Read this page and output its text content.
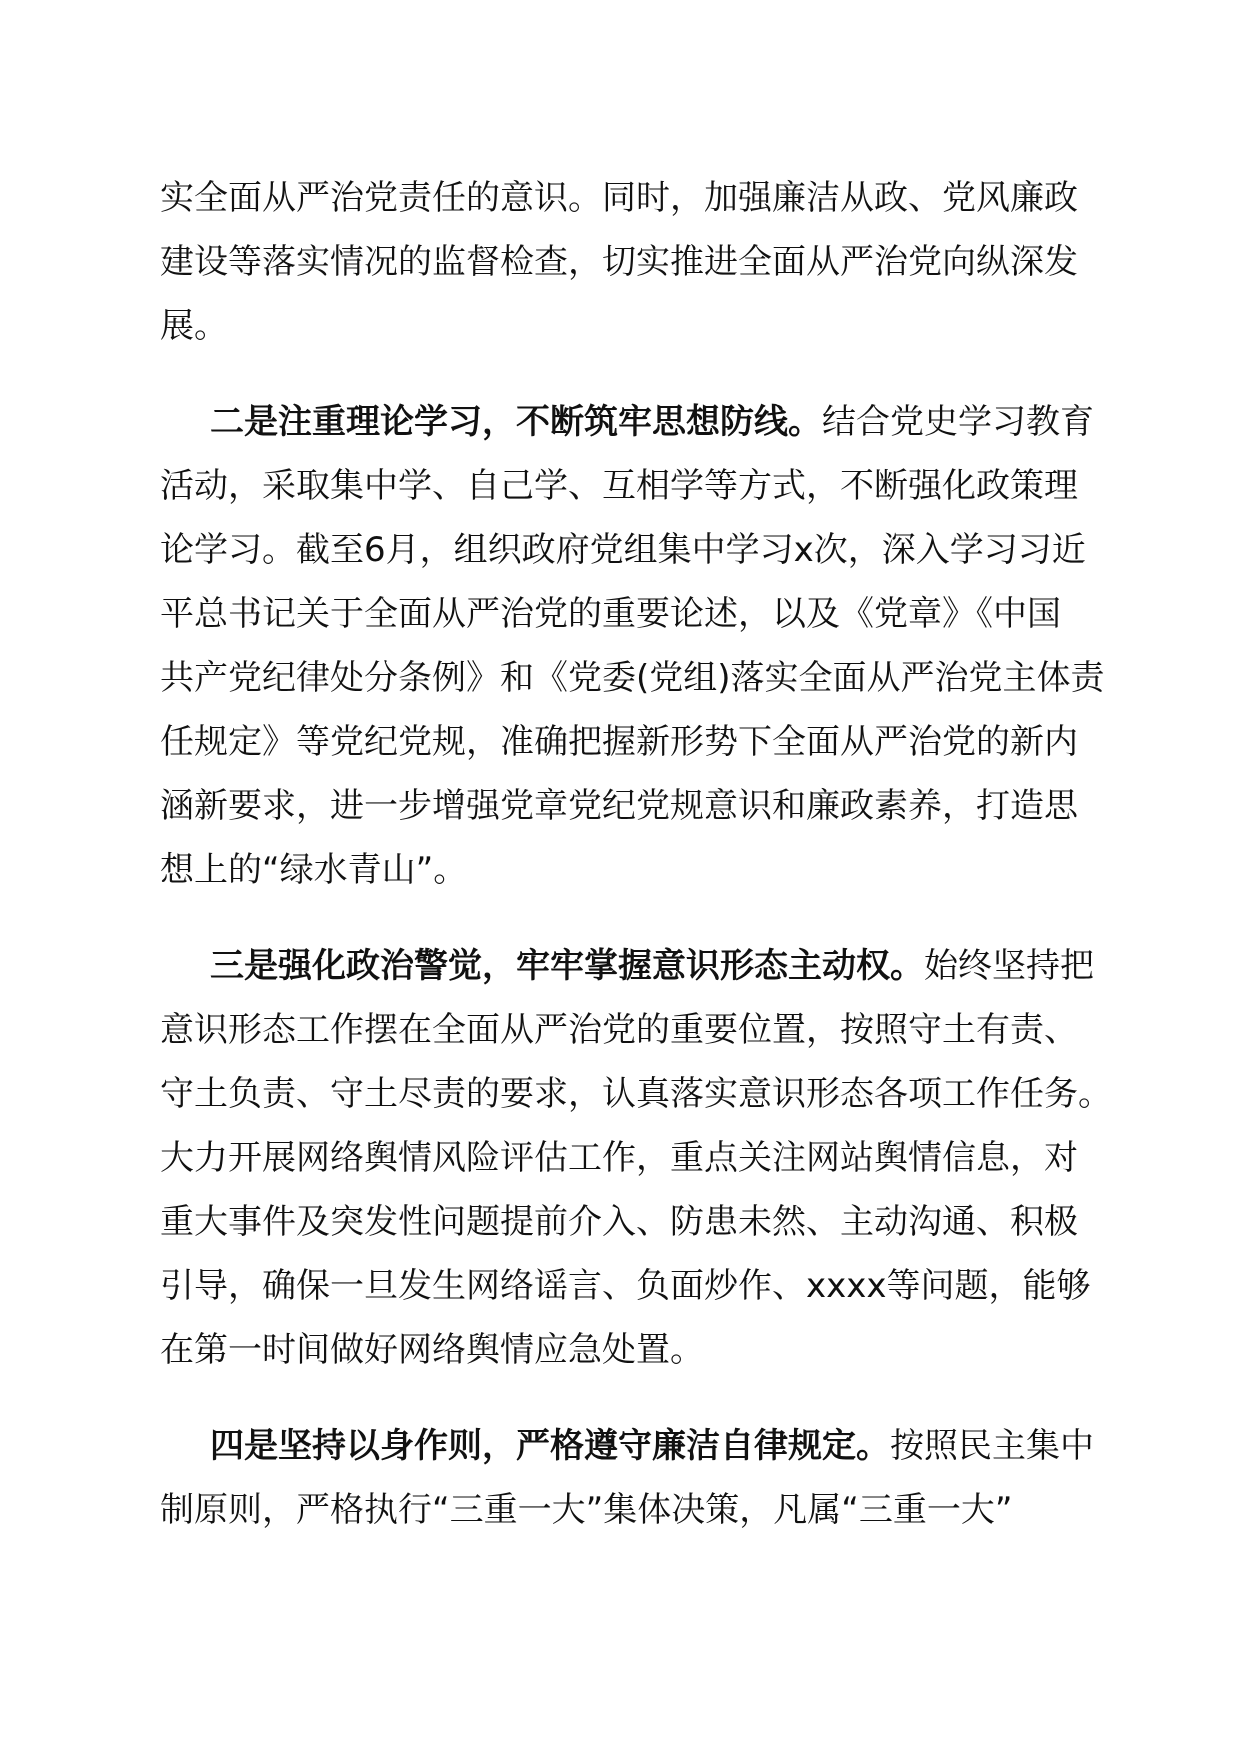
实全面从严治党责任的意识。同时，加强廉洁从政、党风廉政
建设等落实情况的监督检查，切实推进全面从严治党向纵深发
展。
二是注重理论学习，不断筑牢思想防线。结合党史学习教育
活动，采取集中学、自己学、互相学等方式，不断强化政策理
论学习。截至6月，组织政府党组集中学习x次，深入学习习近
平总书记关于全面从严治党的重要论述，以及《党章》《中国
共产党纪律处分条例》和《党委(党组)落实全面从严治党主体责
任规定》等党纪党规，准确把握新形势下全面从严治党的新内
涵新要求，进一步增强党章党纪党规意识和廉政素养，打造思
想上的“绿水青山”。
三是强化政治警觉，牢牢掌握意识形态主动权。始终坚持把
意识形态工作摆在全面从严治党的重要位置，按照守土有责、
守土负责、守土尽责的要求，认真落实意识形态各项工作任务。
大力开展网络舆情风险评估工作，重点关注网站舆情信息，对
重大事件及突发性问题提前介入、防患未然、主动沟通、积极
引导，确保一旦发生网络谣言、负面炒作、xxxx等问题，能够
在第一时间做好网络舆情应急处置。
四是坚持以身作则，严格遵守廉洁自律规定。按照民主集中
制原则，严格执行“三重一大”集体决策，凡属“三重一大”
